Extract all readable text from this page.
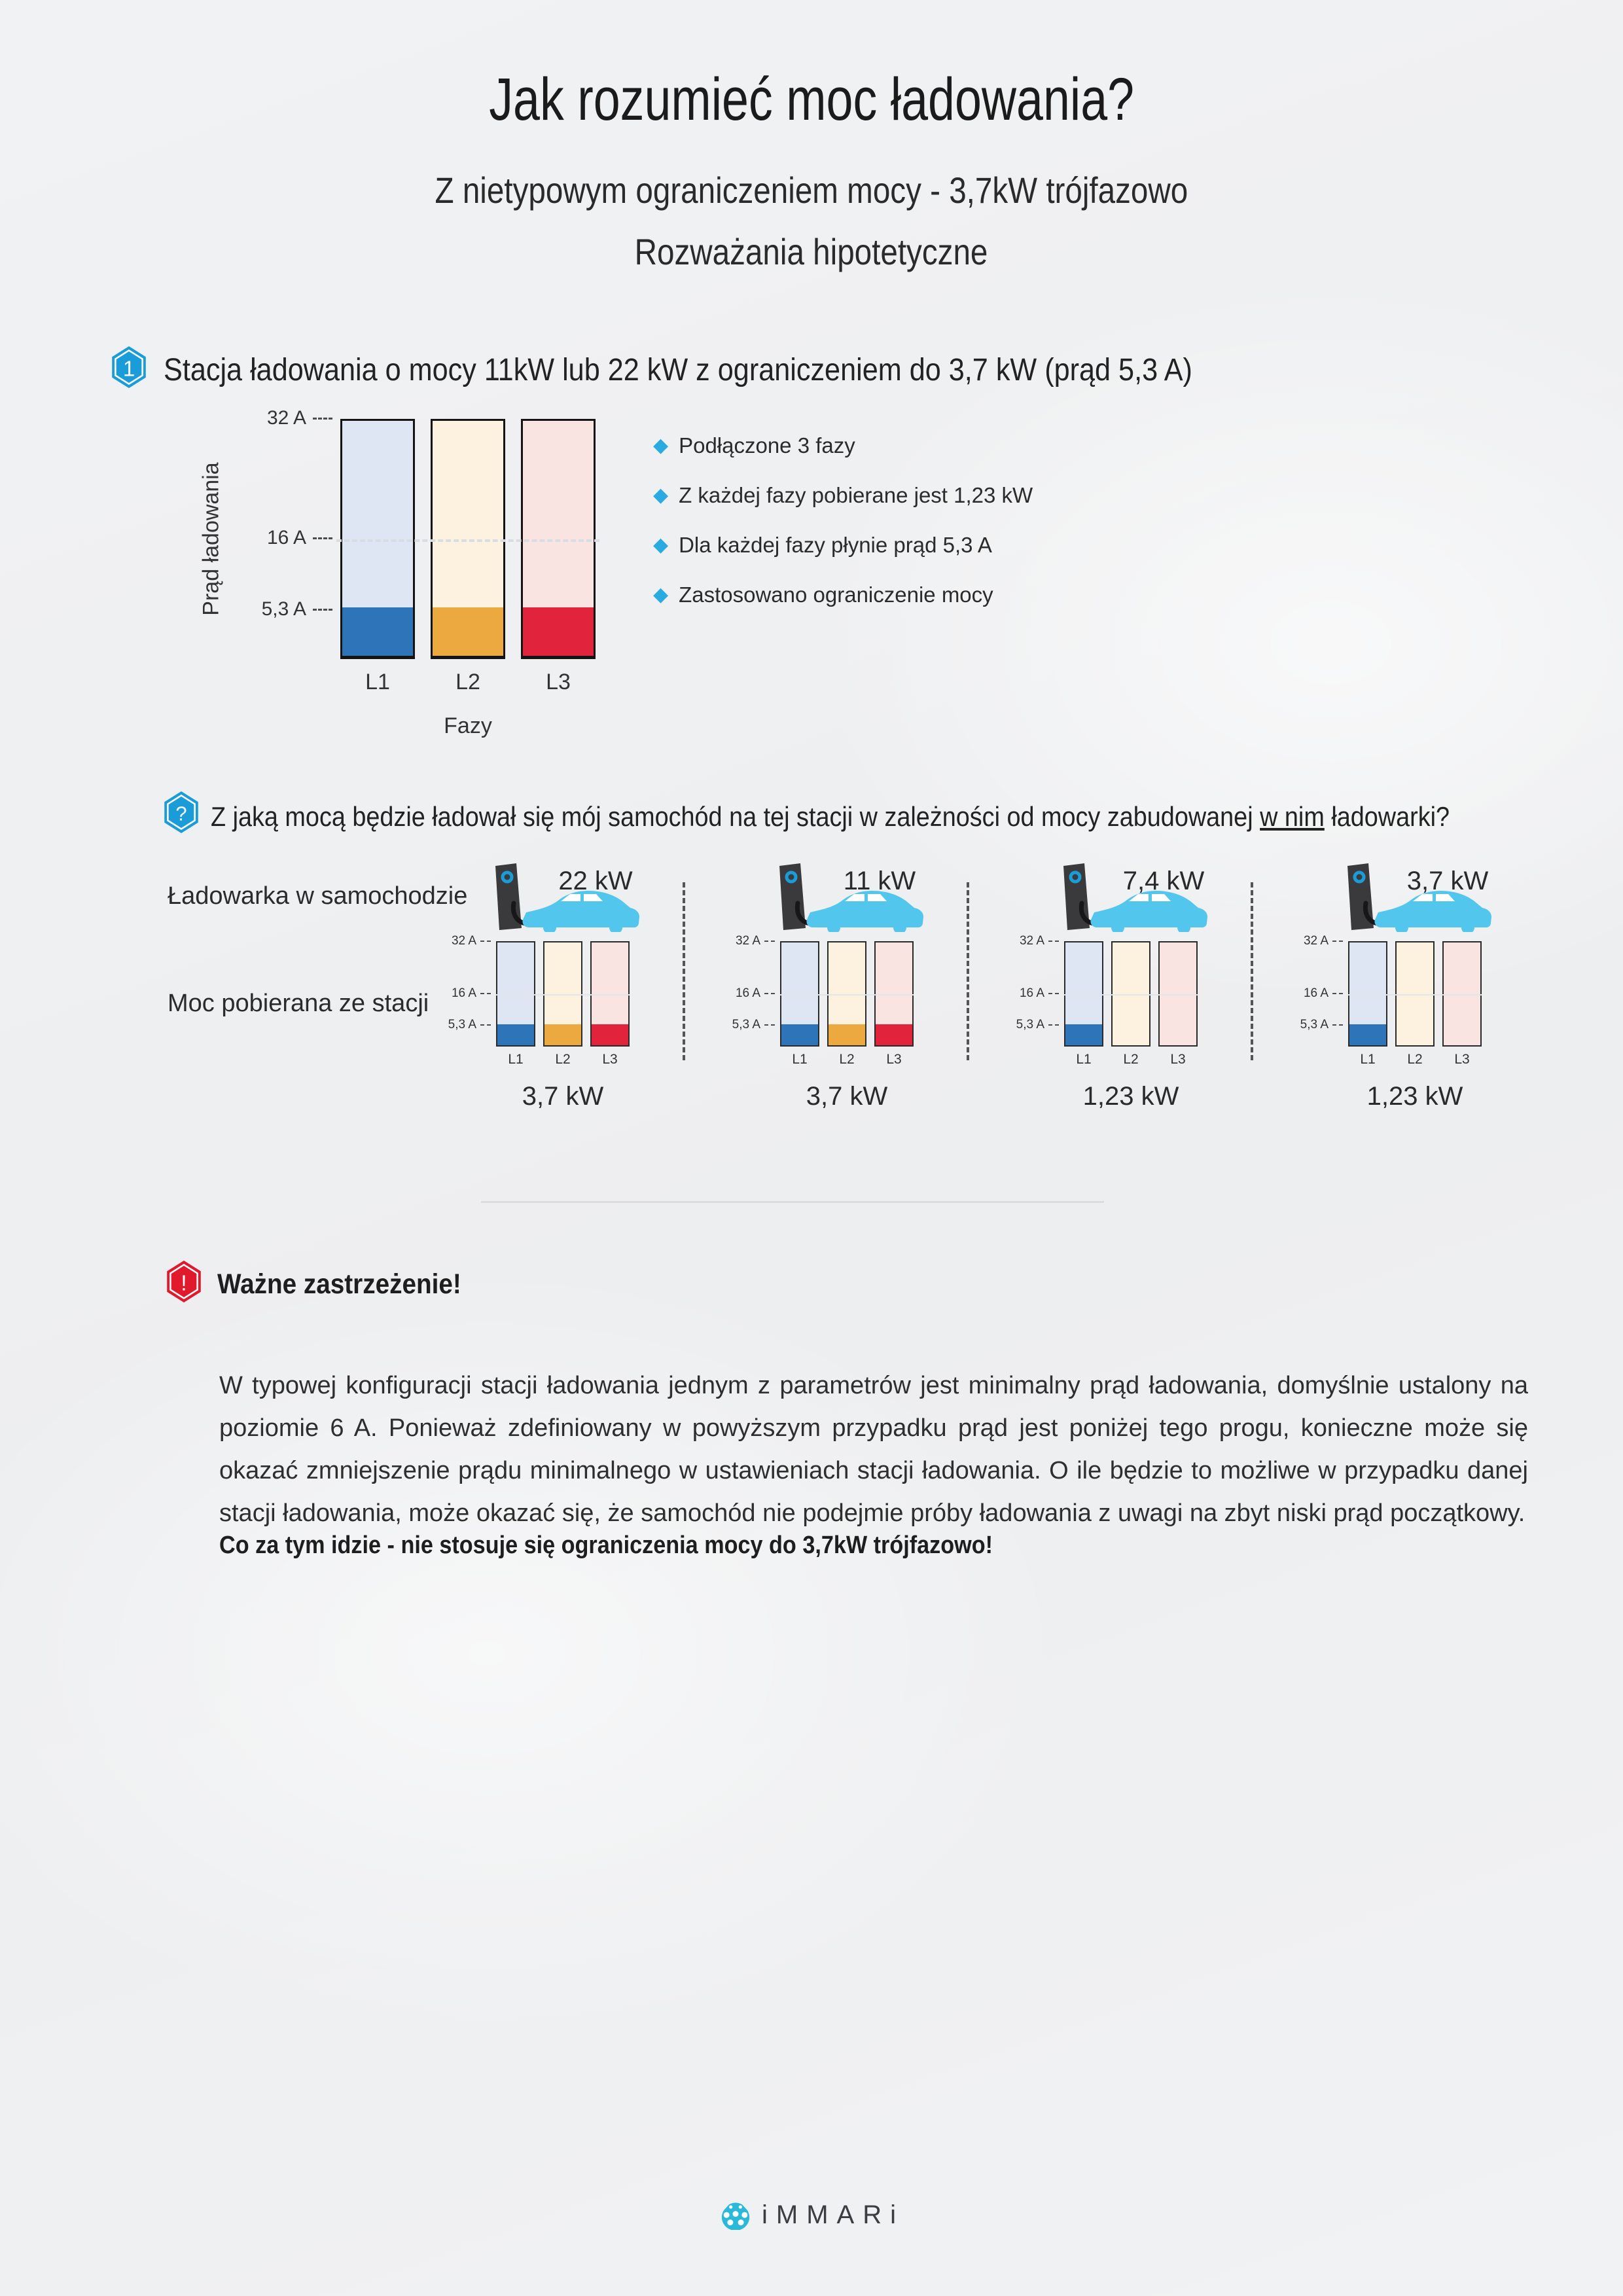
Jak rozumieć moc ładowania?
Z nietypowym ograniczeniem mocy - 3,7kW trójfazowo
Rozważania hipotetyczne
1 Stacja ładowania o mocy 11kW lub 22 kW z ograniczeniem do 3,7 kW (prąd 5,3 A)
Prąd ładowania
32 A
16 A
5,3 A
L1	L2	L3
Fazy
◆ Podłączone 3 fazy
◆ Z każdej fazy pobierane jest 1,23 kW
◆ Dla każdej fazy płynie prąd 5,3 A
◆ Zastosowano ograniczenie mocy
? Z jaką mocą będzie ładował się mój samochód na tej stacji w zależności od mocy zabudowanej w nim ładowarki?
Ładowarka w samochodzie
Moc pobierana ze stacji
22 kW
32 A
16 A
5,3 A
L1	L2	L3
3,7 kW
11 kW
32 A
16 A
5,3 A
L1	L2	L3
3,7 kW
7,4 kW
32 A
16 A
5,3 A
L1	L2	L3
1,23 kW
3,7 kW
32 A
16 A
5,3 A
L1	L2	L3
1,23 kW
! Ważne zastrzeżenie!
W typowej konfiguracji stacji ładowania jednym z parametrów jest minimalny prąd ładowania, domyślnie ustalony na poziomie 6 A. Ponieważ zdefiniowany w powyższym przypadku prąd jest poniżej tego progu, konieczne może się okazać zmniejszenie prądu minimalnego w ustawieniach stacji ładowania. O ile będzie to możliwe w przypadku danej stacji ładowania, może okazać się, że samochód nie podejmie próby ładowania z uwagi na zbyt niski prąd początkowy.
Co za tym idzie - nie stosuje się ograniczenia mocy do 3,7kW trójfazowo!
iMMARi
